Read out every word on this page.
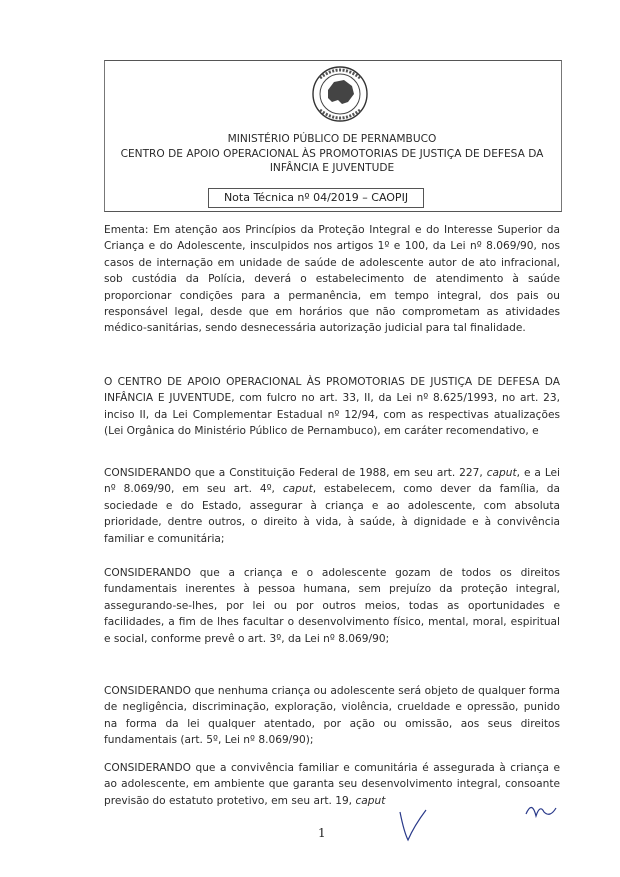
MINISTÉRIO PÚBLICO DE PERNAMBUCO
CENTRO DE APOIO OPERACIONAL ÀS PROMOTORIAS DE JUSTIÇA DE DEFESA DA
INFÂNCIA E JUVENTUDE
Nota Técnica nº 04/2019 – CAOPIJ
Ementa: Em atenção aos Princípios da Proteção Integral e do Interesse Superior da Criança e do Adolescente, insculpidos nos artigos 1º e 100, da Lei nº 8.069/90, nos casos de internação em unidade de saúde de adolescente autor de ato infracional, sob custódia da Polícia, deverá o estabelecimento de atendimento à saúde proporcionar condições para a permanência, em tempo integral, dos pais ou responsável legal, desde que em horários que não comprometam as atividades médico-sanitárias, sendo desnecessária autorização judicial para tal finalidade.
O CENTRO DE APOIO OPERACIONAL ÀS PROMOTORIAS DE JUSTIÇA DE DEFESA DA INFÂNCIA E JUVENTUDE, com fulcro no art. 33, II, da Lei nº 8.625/1993, no art. 23, inciso II, da Lei Complementar Estadual nº 12/94, com as respectivas atualizações (Lei Orgânica do Ministério Público de Pernambuco), em caráter recomendativo, e
CONSIDERANDO que a Constituição Federal de 1988, em seu art. 227, caput, e a Lei nº 8.069/90, em seu art. 4º, caput, estabelecem, como dever da família, da sociedade e do Estado, assegurar à criança e ao adolescente, com absoluta prioridade, dentre outros, o direito à vida, à saúde, à dignidade e à convivência familiar e comunitária;
CONSIDERANDO que a criança e o adolescente gozam de todos os direitos fundamentais inerentes à pessoa humana, sem prejuízo da proteção integral, assegurando-se-lhes, por lei ou por outros meios, todas as oportunidades e facilidades, a fim de lhes facultar o desenvolvimento físico, mental, moral, espiritual e social, conforme prevê o art. 3º, da Lei nº 8.069/90;
CONSIDERANDO que nenhuma criança ou adolescente será objeto de qualquer forma de negligência, discriminação, exploração, violência, crueldade e opressão, punido na forma da lei qualquer atentado, por ação ou omissão, aos seus direitos fundamentais (art. 5º, Lei nº 8.069/90);
CONSIDERANDO que a convivência familiar e comunitária é assegurada à criança e ao adolescente, em ambiente que garanta seu desenvolvimento integral, consoante previsão do estatuto protetivo, em seu art. 19, caput
1
